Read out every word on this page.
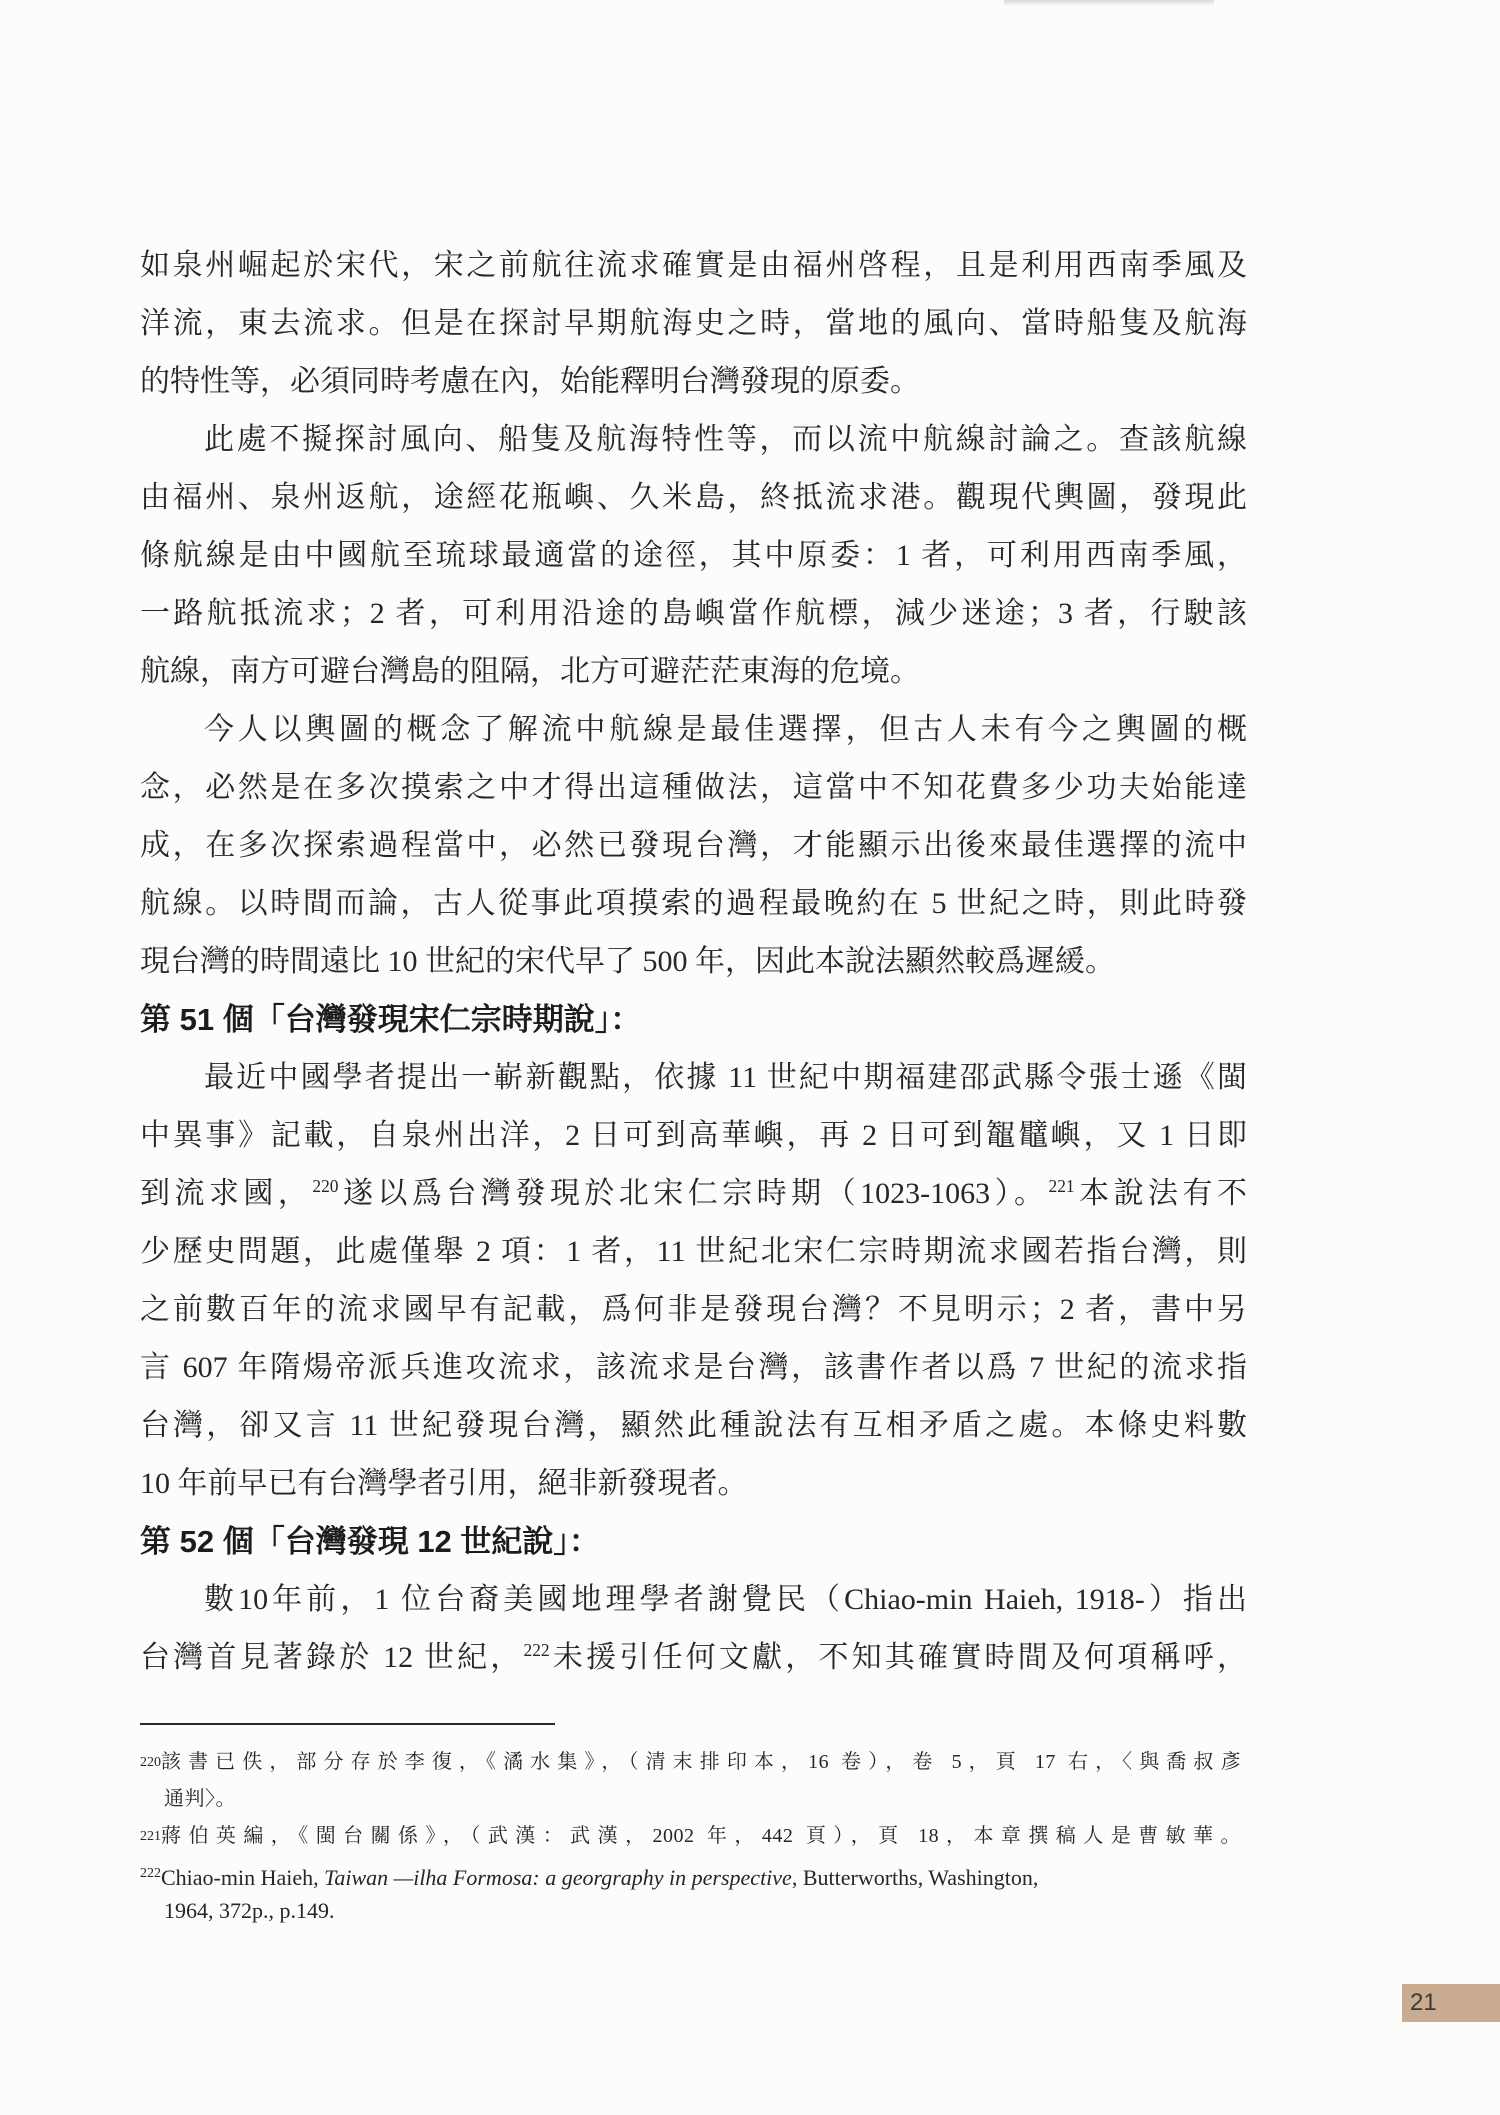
如泉州崛起於宋代，宋之前航往流求確實是由福州啓程，且是利用西南季風及
洋流，東去流求。但是在探討早期航海史之時，當地的風向、當時船隻及航海
的特性等，必須同時考慮在內，始能釋明台灣發現的原委。
此處不擬探討風向、船隻及航海特性等，而以流中航線討論之。查該航線
由福州、泉州返航，途經花瓶嶼、久米島，終抵流求港。觀現代輿圖，發現此
條航線是由中國航至琉球最適當的途徑，其中原委：1 者，可利用西南季風，
一路航抵流求；2 者，可利用沿途的島嶼當作航標，減少迷途；3 者，行駛該
航線，南方可避台灣島的阻隔，北方可避茫茫東海的危境。
今人以輿圖的概念了解流中航線是最佳選擇，但古人未有今之輿圖的概
念，必然是在多次摸索之中才得出這種做法，這當中不知花費多少功夫始能達
成，在多次探索過程當中，必然已發現台灣，才能顯示出後來最佳選擇的流中
航線。以時間而論，古人從事此項摸索的過程最晚約在 5 世紀之時，則此時發
現台灣的時間遠比 10 世紀的宋代早了 500 年，因此本說法顯然較爲遲緩。
第 51 個「台灣發現宋仁宗時期說」：
最近中國學者提出一嶄新觀點，依據 11 世紀中期福建邵武縣令張士遜《閩
中異事》記載，自泉州出洋，2 日可到高華嶼，再 2 日可到鼅鼊嶼，又 1 日即
到流求國，$^{220}$遂以爲台灣發現於北宋仁宗時期（1023-1063）。$^{221}$本說法有不
少歷史問題，此處僅舉 2 項：1 者，11 世紀北宋仁宗時期流求國若指台灣，則
之前數百年的流求國早有記載，爲何非是發現台灣？不見明示；2 者，書中另
言 607 年隋煬帝派兵進攻流求，該流求是台灣，該書作者以爲 7 世紀的流求指
台灣，卻又言 11 世紀發現台灣，顯然此種說法有互相矛盾之處。本條史料數
10 年前早已有台灣學者引用，絕非新發現者。
第 52 個「台灣發現 12 世紀說」：
數10年前，1 位台裔美國地理學者謝覺民（Chiao-min Haieh, 1918-）指出
台灣首見著錄於 12 世紀，$^{222}$未援引任何文獻，不知其確實時間及何項稱呼，
$^{220}$該書已佚，部分存於李復，《潏水集》，（清末排印本，16 卷），卷 5，頁 17 右，〈與喬叔彥
通判〉。
$^{221}$蔣伯英編，《閩台關係》，（武漢：武漢，2002 年，442 頁），頁 18，本章撰稿人是曹敏華。
$^{222}$Chiao-min Haieh, Taiwan —ilha Formosa: a georgraphy in perspective, Butterworths, Washington,
1964, 372p., p.149.
21
